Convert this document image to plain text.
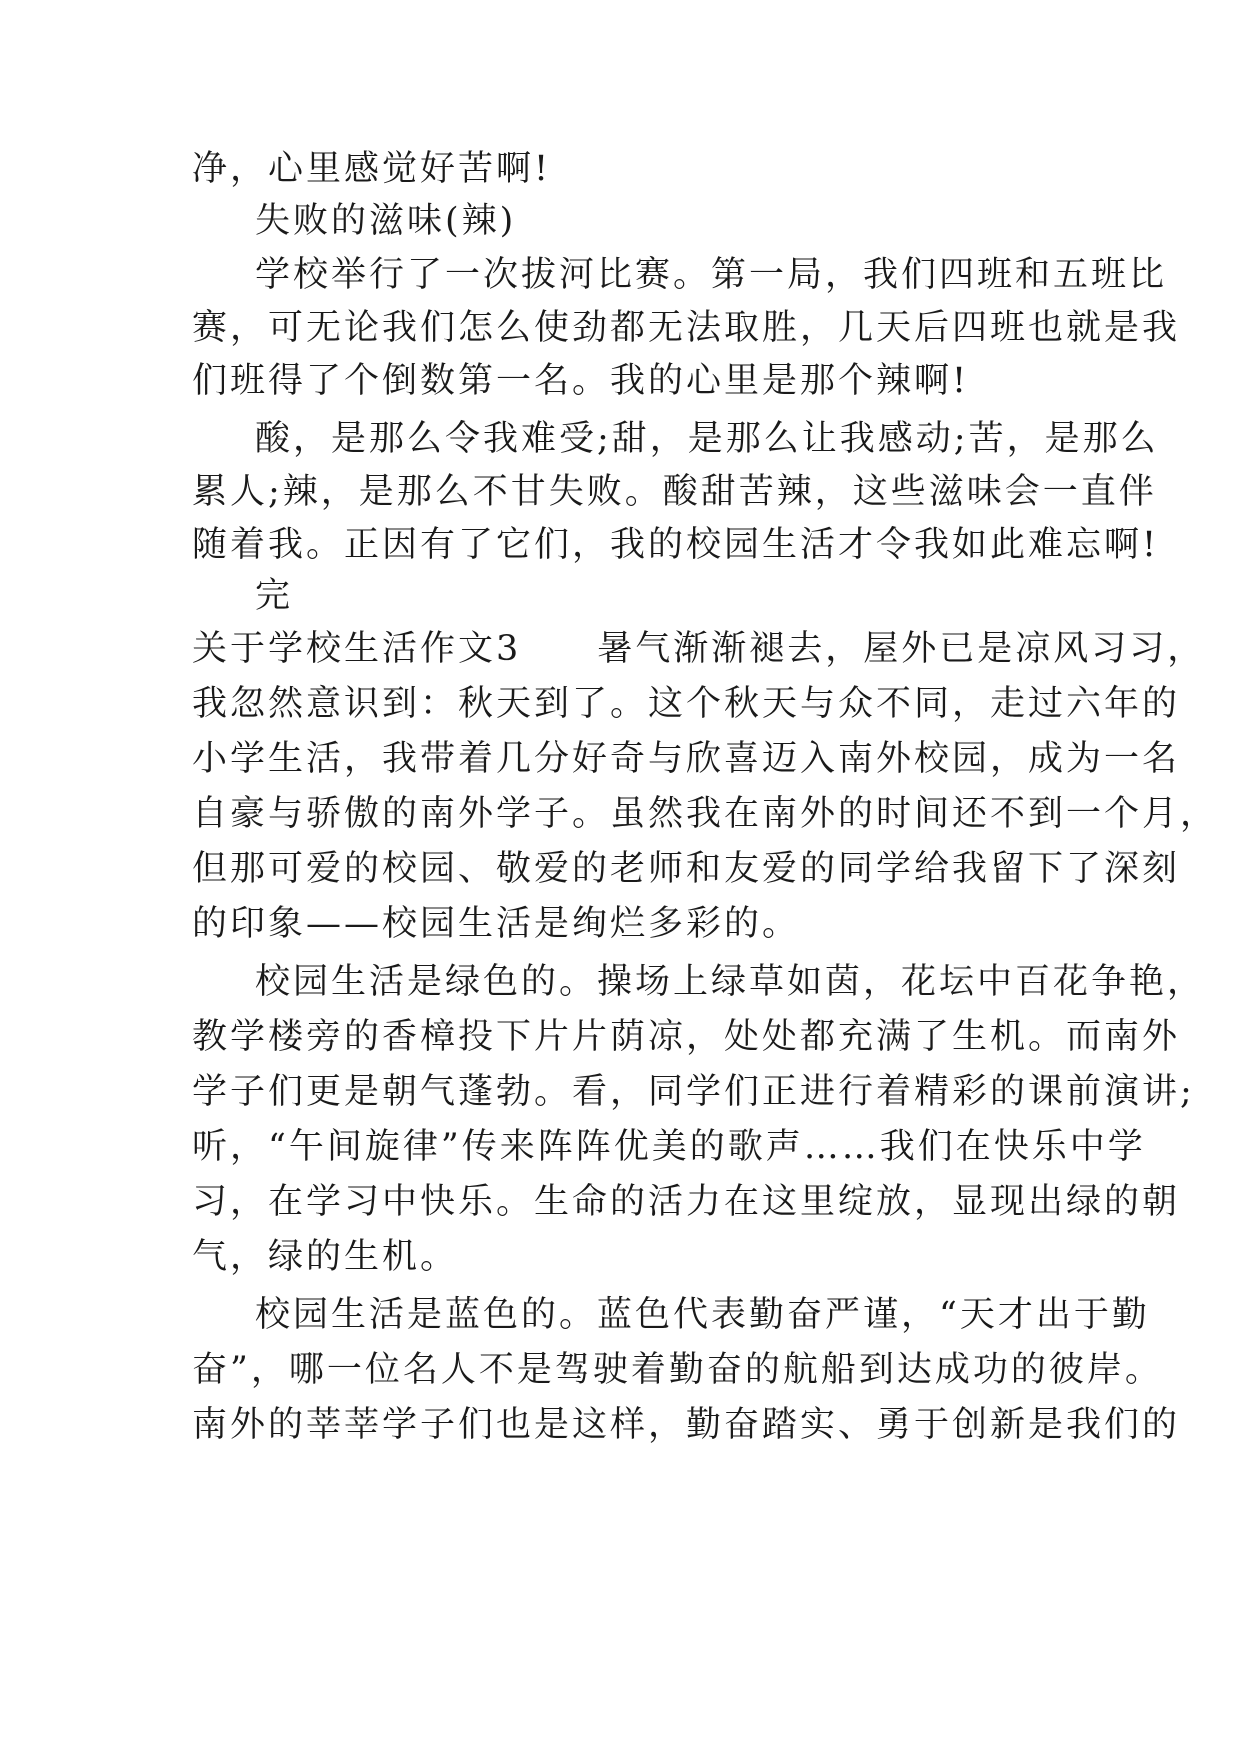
净，心里感觉好苦啊!
失败的滋味(辣)
学校举行了一次拔河比赛。第一局，我们四班和五班比
赛，可无论我们怎么使劲都无法取胜，几天后四班也就是我
们班得了个倒数第一名。我的心里是那个辣啊!
酸，是那么令我难受;甜，是那么让我感动;苦，是那么
累人;辣，是那么不甘失败。酸甜苦辣，这些滋味会一直伴
随着我。正因有了它们，我的校园生活才令我如此难忘啊!
完
关于学校生活作文3　　暑气渐渐褪去，屋外已是凉风习习，
我忽然意识到：秋天到了。这个秋天与众不同，走过六年的
小学生活，我带着几分好奇与欣喜迈入南外校园，成为一名
自豪与骄傲的南外学子。虽然我在南外的时间还不到一个月，
但那可爱的校园、敬爱的老师和友爱的同学给我留下了深刻
的印象——校园生活是绚烂多彩的。
校园生活是绿色的。操场上绿草如茵，花坛中百花争艳，
教学楼旁的香樟投下片片荫凉，处处都充满了生机。而南外
学子们更是朝气蓬勃。看，同学们正进行着精彩的课前演讲;
听，“午间旋律”传来阵阵优美的歌声……我们在快乐中学
习，在学习中快乐。生命的活力在这里绽放，显现出绿的朝
气，绿的生机。
校园生活是蓝色的。蓝色代表勤奋严谨，“天才出于勤
奋”，哪一位名人不是驾驶着勤奋的航船到达成功的彼岸。
南外的莘莘学子们也是这样，勤奋踏实、勇于创新是我们的
